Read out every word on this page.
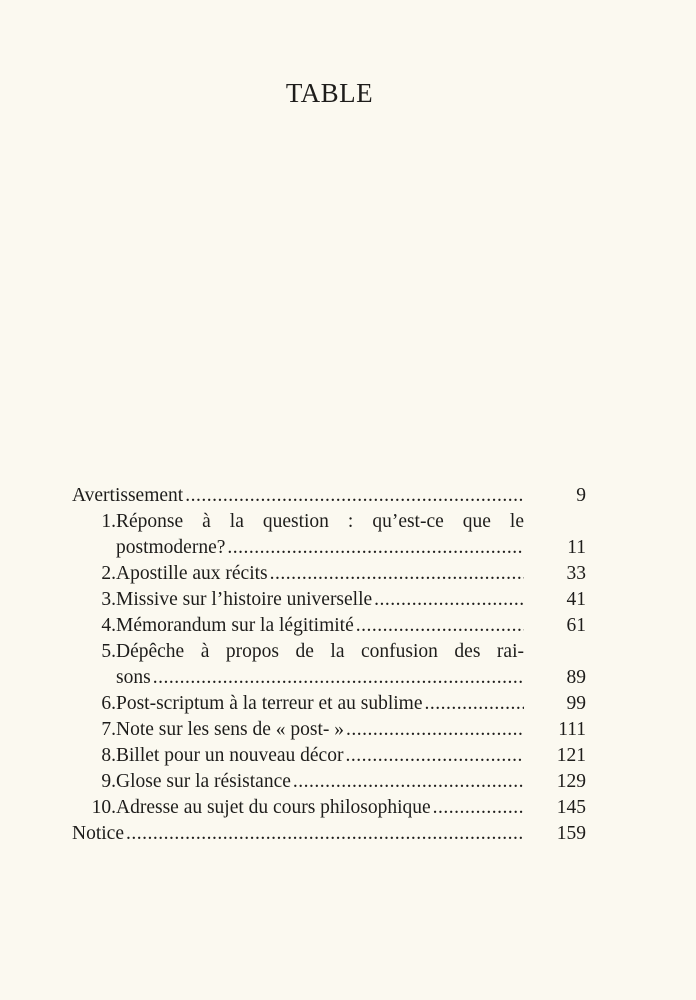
TABLE
Avertissement .....	9
1. Réponse à la question : qu’est-ce que le
postmoderne? .....	11
2. Apostille aux récits .....	33
3. Missive sur l’histoire universelle .....	41
4. Mémorandum sur la légitimité .....	61
5. Dépêche à propos de la confusion des rai-
sons .....	89
6. Post-scriptum à la terreur et au sublime .....	99
7. Note sur les sens de « post- » .....	111
8. Billet pour un nouveau décor .....	121
9. Glose sur la résistance .....	129
10. Adresse au sujet du cours philosophique .....	145
Notice .....	159
